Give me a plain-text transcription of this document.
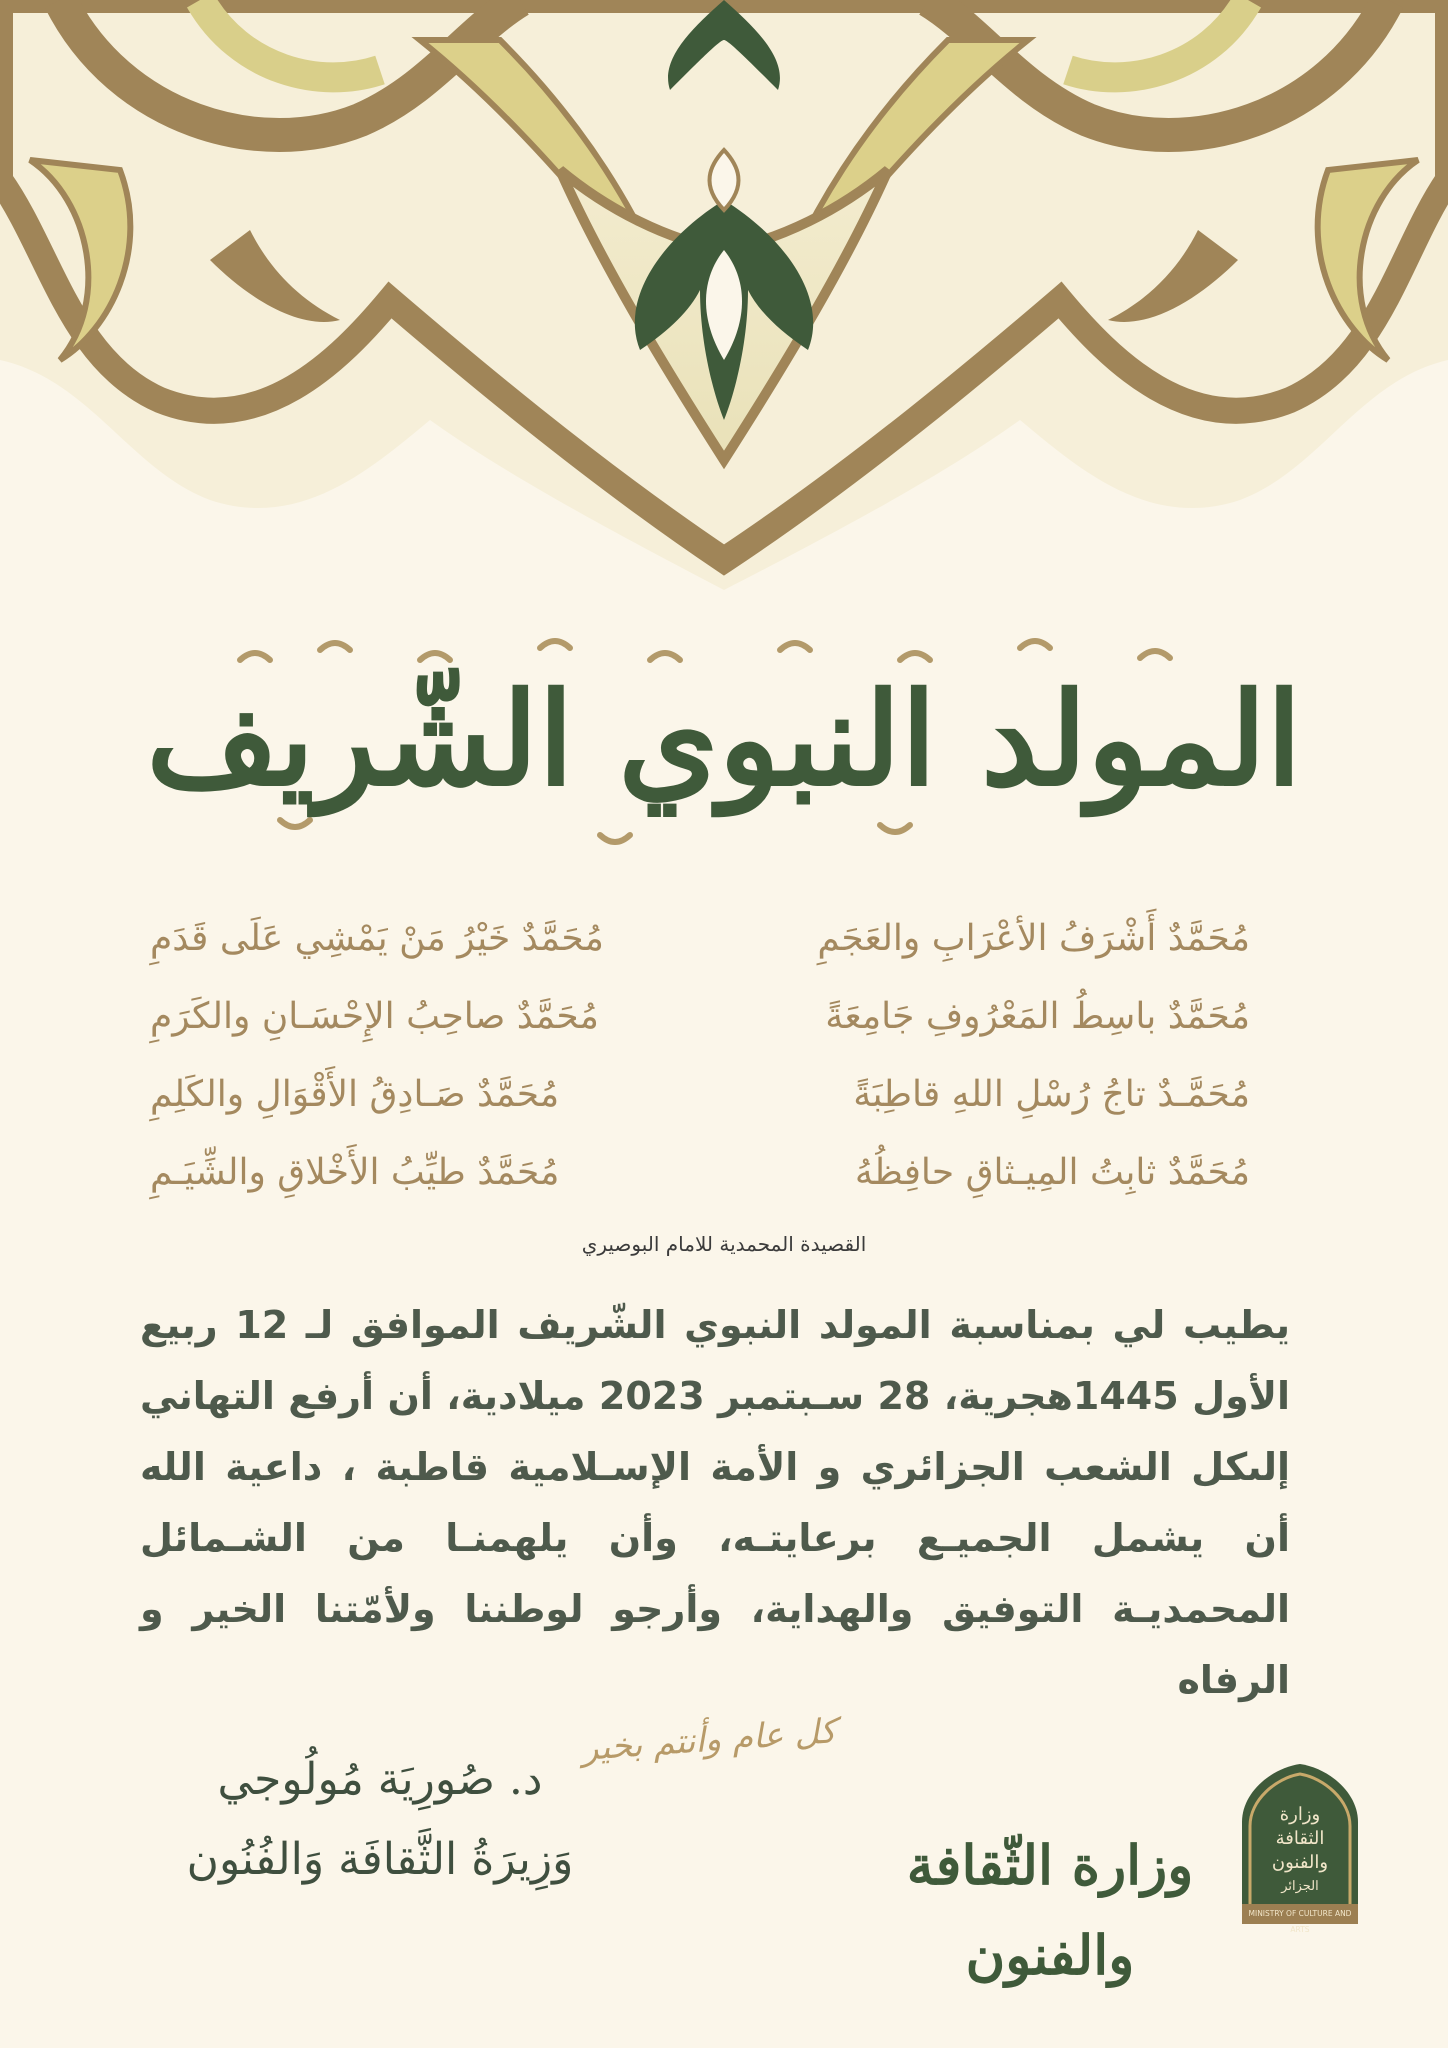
المولد النبوي الشّريف
مُحَمَّدٌ أَشْرَفُ الأعْرَابِ والعَجَمِ
مُحَمَّدٌ خَيْرُ مَنْ يَمْشِي عَلَى قَدَمِ
مُحَمَّدٌ باسِطُ المَعْرُوفِ جَامِعَةً
مُحَمَّدٌ صاحِبُ الإِحْسَـانِ والكَرَمِ
مُحَمَّـدٌ تاجُ رُسْلِ اللهِ قاطِبَةً
مُحَمَّدٌ صَـادِقُ الأَقْوَالِ والكَلِمِ
مُحَمَّدٌ ثابِتُ المِيـثاقِ حافِظُهُ
مُحَمَّدٌ طيِّبُ الأَخْلاقِ والشِّيَـمِ
القصيدة المحمدية للامام البوصيري
يطيب لي بمناسبة المولد النبوي الشّريف الموافق لـ 12 ربيع الأول 1445هجرية، 28 سـبتمبر 2023 ميلادية، أن أرفع التهاني إلىكل الشعب الجزائري و الأمة الإسـلامية قاطبة ، داعية الله أن يشمل الجميـع برعايتـه، وأن يلهمنـا من الشـمائل المحمديـة التوفيق والهداية، وأرجو لوطننا ولأمّتنا الخير و الرفاه
كل عام وأنتم بخير
د. صُورِيَة مُولُوجي
وَزِيرَةُ الثَّقافَة وَالفُنُون	وزارة الثّقافة والفنون
وزارة
الثقافة
والفنون
الجزائر
MINISTRY OF CULTURE AND ARTS
